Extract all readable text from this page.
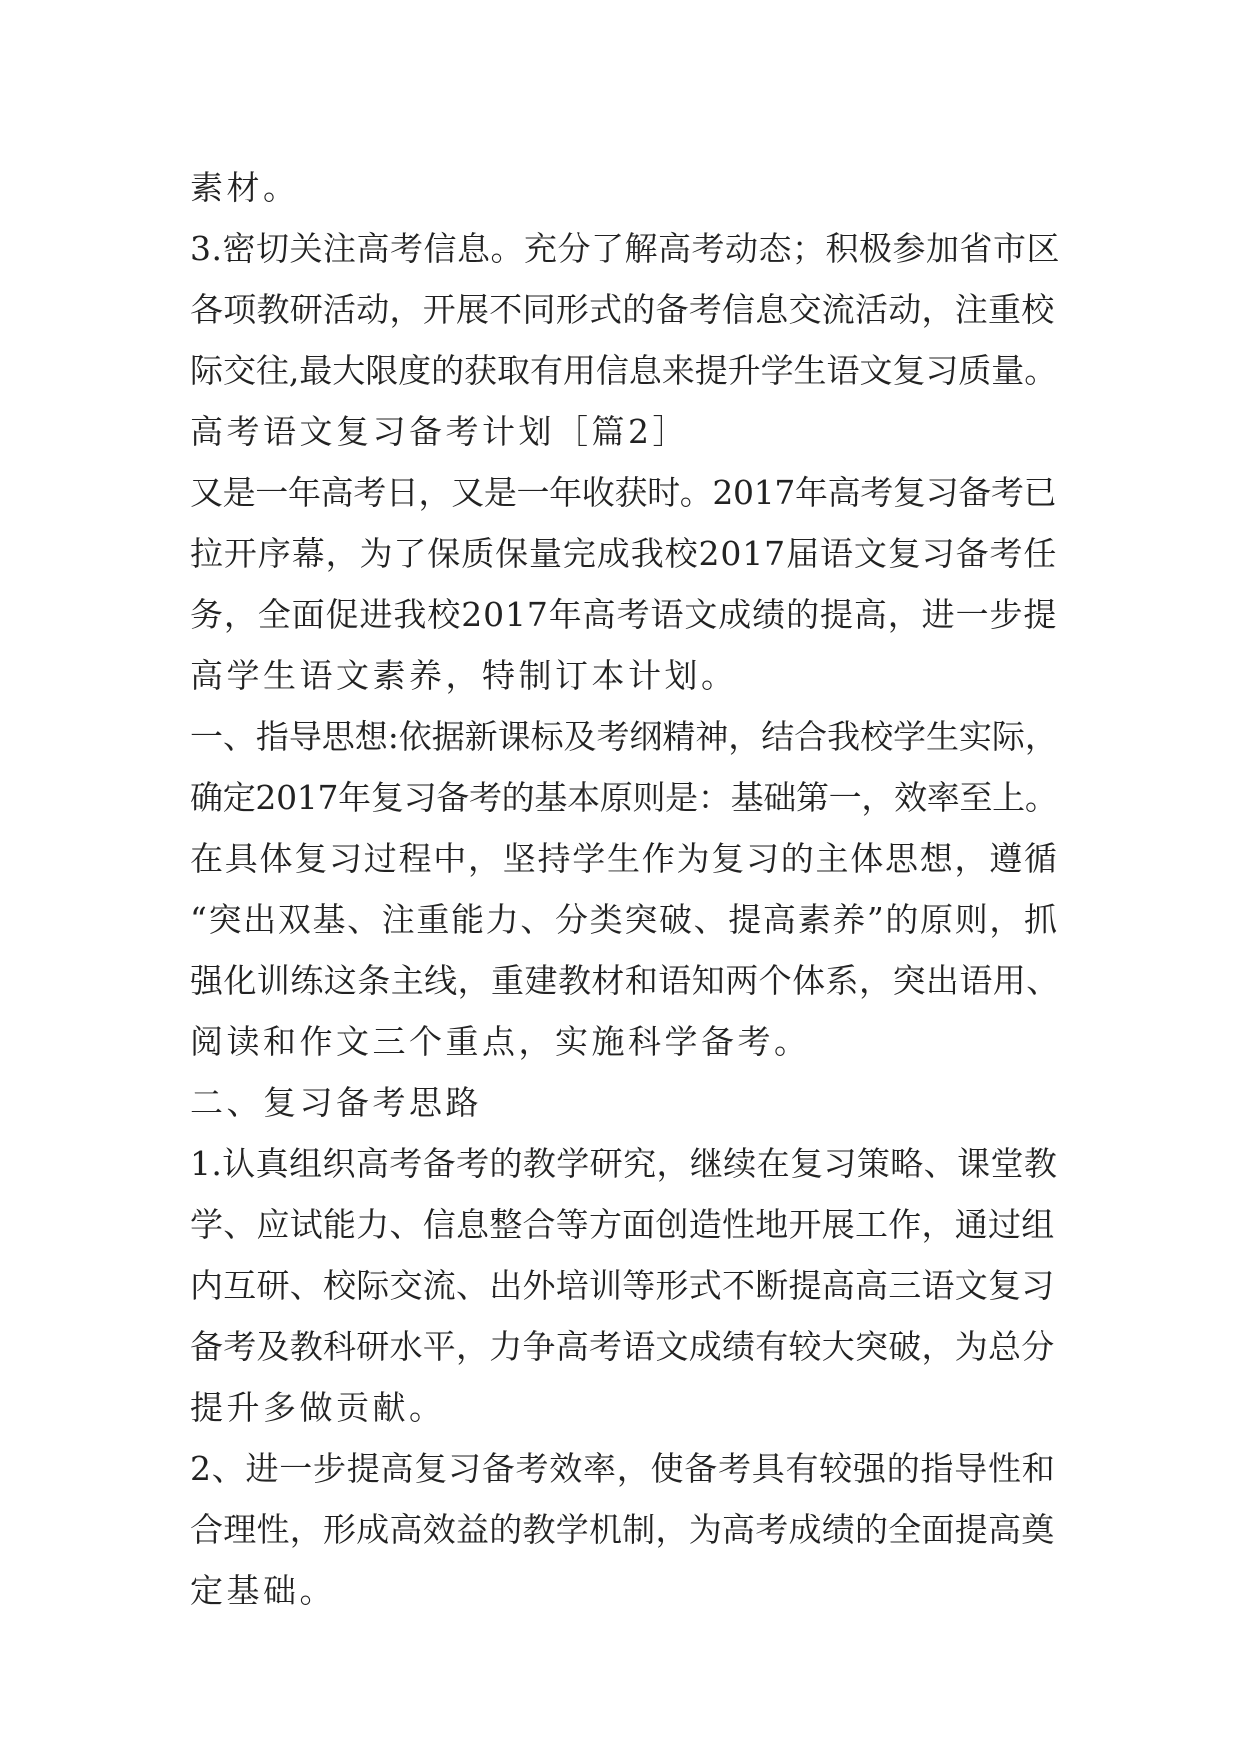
素材。
3.密切关注高考信息。充分了解高考动态；积极参加省市区
各项教研活动，开展不同形式的备考信息交流活动，注重校
际交往,最大限度的获取有用信息来提升学生语文复习质量。
高考语文复习备考计划［篇2］
又是一年高考日，又是一年收获时。2017年高考复习备考已
拉开序幕，为了保质保量完成我校2017届语文复习备考任
务，全面促进我校2017年高考语文成绩的提高，进一步提
高学生语文素养，特制订本计划。
一、指导思想:依据新课标及考纲精神，结合我校学生实际，
确定2017年复习备考的基本原则是：基础第一，效率至上。
在具体复习过程中，坚持学生作为复习的主体思想，遵循
“突出双基、注重能力、分类突破、提高素养”的原则，抓
强化训练这条主线，重建教材和语知两个体系，突出语用、
阅读和作文三个重点，实施科学备考。
二、复习备考思路
1.认真组织高考备考的教学研究，继续在复习策略、课堂教
学、应试能力、信息整合等方面创造性地开展工作，通过组
内互研、校际交流、出外培训等形式不断提高高三语文复习
备考及教科研水平，力争高考语文成绩有较大突破，为总分
提升多做贡献。
2、进一步提高复习备考效率，使备考具有较强的指导性和
合理性，形成高效益的教学机制，为高考成绩的全面提高奠
定基础。
